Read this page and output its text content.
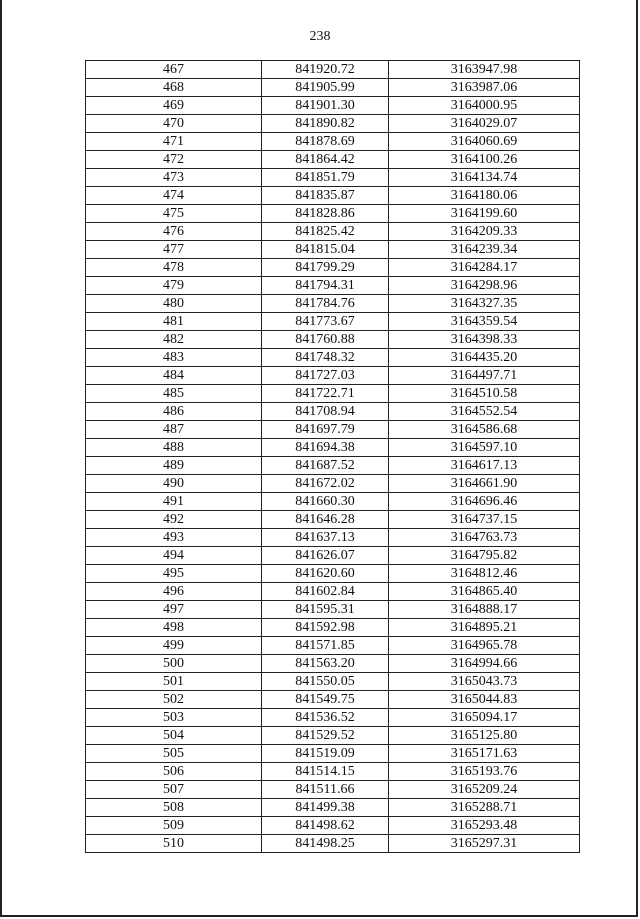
238
467	841920.72	3163947.98
468	841905.99	3163987.06
469	841901.30	3164000.95
470	841890.82	3164029.07
471	841878.69	3164060.69
472	841864.42	3164100.26
473	841851.79	3164134.74
474	841835.87	3164180.06
475	841828.86	3164199.60
476	841825.42	3164209.33
477	841815.04	3164239.34
478	841799.29	3164284.17
479	841794.31	3164298.96
480	841784.76	3164327.35
481	841773.67	3164359.54
482	841760.88	3164398.33
483	841748.32	3164435.20
484	841727.03	3164497.71
485	841722.71	3164510.58
486	841708.94	3164552.54
487	841697.79	3164586.68
488	841694.38	3164597.10
489	841687.52	3164617.13
490	841672.02	3164661.90
491	841660.30	3164696.46
492	841646.28	3164737.15
493	841637.13	3164763.73
494	841626.07	3164795.82
495	841620.60	3164812.46
496	841602.84	3164865.40
497	841595.31	3164888.17
498	841592.98	3164895.21
499	841571.85	3164965.78
500	841563.20	3164994.66
501	841550.05	3165043.73
502	841549.75	3165044.83
503	841536.52	3165094.17
504	841529.52	3165125.80
505	841519.09	3165171.63
506	841514.15	3165193.76
507	841511.66	3165209.24
508	841499.38	3165288.71
509	841498.62	3165293.48
510	841498.25	3165297.31
